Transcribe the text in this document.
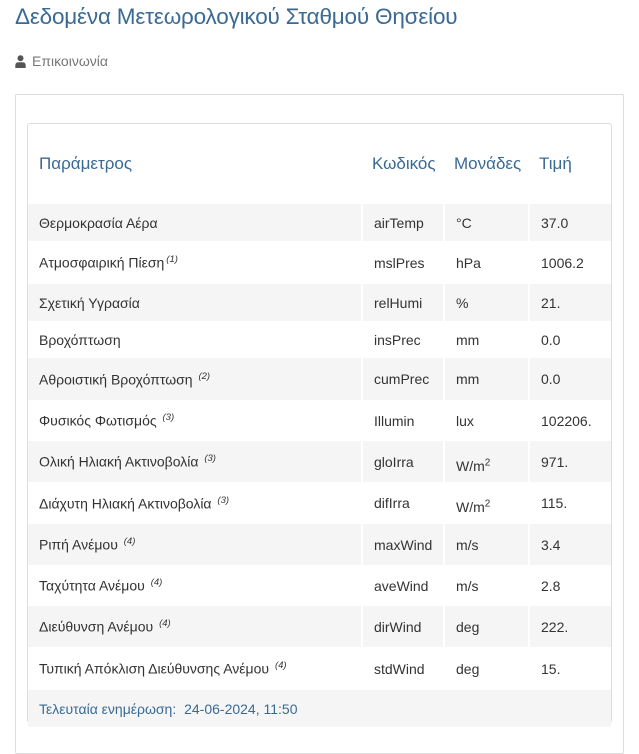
Δεδομένα Μετεωρολογικού Σταθμού Θησείου
Επικοινωνία
Παράμετρος	Κωδικός	Μονάδες	Τιμή
Θερμοκρασία Αέρα	airTemp	°C	37.0
Ατμοσφαιρική Πίεση $^{(1)}$	mslPres	hPa	1006.2
Σχετική Υγρασία	relHumi	%	21.
Βροχόπτωση	insPrec	mm	0.0
Αθροιστική Βροχόπτωση $^{(2)}$	cumPrec	mm	0.0
Φυσικός Φωτισμός $^{(3)}$	Illumin	lux	102206.
Ολική Ηλιακή Ακτινοβολία $^{(3)}$	gloIrra	$W/m^2$	971.
Διάχυτη Ηλιακή Ακτινοβολία $^{(3)}$	difIrra	$W/m^2$	115.
Ριπή Ανέμου $^{(4)}$	maxWind	m/s	3.4
Ταχύτητα Ανέμου $^{(4)}$	aveWind	m/s	2.8
Διεύθυνση Ανέμου $^{(4)}$	dirWind	deg	222.
Τυπική Απόκλιση Διεύθυνσης Ανέμου $^{(4)}$	stdWind	deg	15.
Τελευταία ενημέρωση: 24-06-2024, 11:50			
